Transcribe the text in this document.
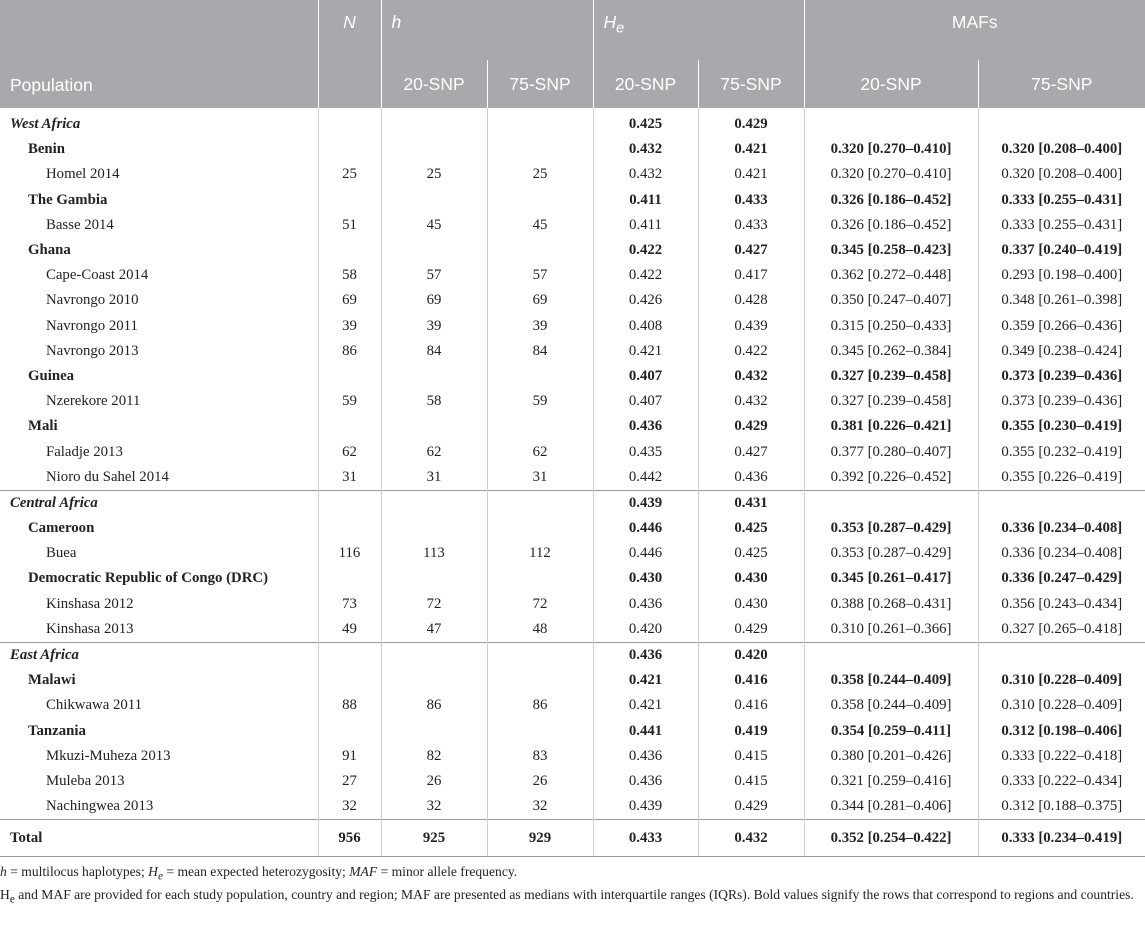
Population	N	h		$H_e$		MAFs	
		20-SNP	75-SNP	20-SNP	75-SNP	20-SNP	75-SNP
West Africa				0.425	0.429		
Benin				0.432	0.421	0.320 [0.270–0.410]	0.320 [0.208–0.400]
Homel 2014	25	25	25	0.432	0.421	0.320 [0.270–0.410]	0.320 [0.208–0.400]
The Gambia				0.411	0.433	0.326 [0.186–0.452]	0.333 [0.255–0.431]
Basse 2014	51	45	45	0.411	0.433	0.326 [0.186–0.452]	0.333 [0.255–0.431]
Ghana				0.422	0.427	0.345 [0.258–0.423]	0.337 [0.240–0.419]
Cape-Coast 2014	58	57	57	0.422	0.417	0.362 [0.272–0.448]	0.293 [0.198–0.400]
Navrongo 2010	69	69	69	0.426	0.428	0.350 [0.247–0.407]	0.348 [0.261–0.398]
Navrongo 2011	39	39	39	0.408	0.439	0.315 [0.250–0.433]	0.359 [0.266–0.436]
Navrongo 2013	86	84	84	0.421	0.422	0.345 [0.262–0.384]	0.349 [0.238–0.424]
Guinea				0.407	0.432	0.327 [0.239–0.458]	0.373 [0.239–0.436]
Nzerekore 2011	59	58	59	0.407	0.432	0.327 [0.239–0.458]	0.373 [0.239–0.436]
Mali				0.436	0.429	0.381 [0.226–0.421]	0.355 [0.230–0.419]
Faladje 2013	62	62	62	0.435	0.427	0.377 [0.280–0.407]	0.355 [0.232–0.419]
Nioro du Sahel 2014	31	31	31	0.442	0.436	0.392 [0.226–0.452]	0.355 [0.226–0.419]
Central Africa				0.439	0.431		
Cameroon				0.446	0.425	0.353 [0.287–0.429]	0.336 [0.234–0.408]
Buea	116	113	112	0.446	0.425	0.353 [0.287–0.429]	0.336 [0.234–0.408]
Democratic Republic of Congo (DRC)				0.430	0.430	0.345 [0.261–0.417]	0.336 [0.247–0.429]
Kinshasa 2012	73	72	72	0.436	0.430	0.388 [0.268–0.431]	0.356 [0.243–0.434]
Kinshasa 2013	49	47	48	0.420	0.429	0.310 [0.261–0.366]	0.327 [0.265–0.418]
East Africa				0.436	0.420		
Malawi				0.421	0.416	0.358 [0.244–0.409]	0.310 [0.228–0.409]
Chikwawa 2011	88	86	86	0.421	0.416	0.358 [0.244–0.409]	0.310 [0.228–0.409]
Tanzania				0.441	0.419	0.354 [0.259–0.411]	0.312 [0.198–0.406]
Mkuzi-Muheza 2013	91	82	83	0.436	0.415	0.380 [0.201–0.426]	0.333 [0.222–0.418]
Muleba 2013	27	26	26	0.436	0.415	0.321 [0.259–0.416]	0.333 [0.222–0.434]
Nachingwea 2013	32	32	32	0.439	0.429	0.344 [0.281–0.406]	0.312 [0.188–0.375]
Total	956	925	929	0.433	0.432	0.352 [0.254–0.422]	0.333 [0.234–0.419]

h = multilocus haplotypes; $H_e$ = mean expected heterozygosity; MAF = minor allele frequency.

$H_e$ and MAF are provided for each study population, country and region; MAF are presented as medians with interquartile ranges (IQRs). Bold values signify the rows that correspond to regions and countries.
